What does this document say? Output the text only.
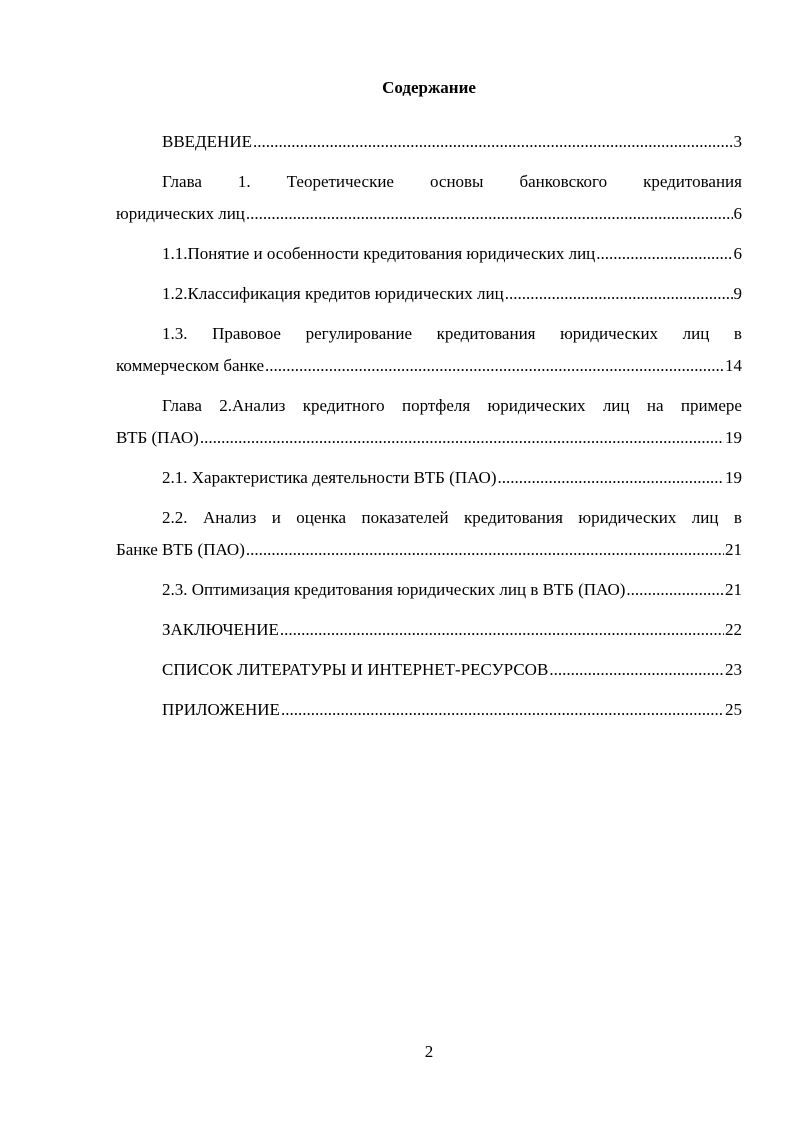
Содержание
ВВЕДЕНИЕ .....	3
Глава 1. Теоретические основы банковского кредитования
юридических лиц .....	6
1.1. Понятие и особенности кредитования юридических лиц .....	6
1.2. Классификация кредитов юридических лиц .....	9
1.3. Правовое регулирование кредитования юридических лиц в
коммерческом банке .....	14
Глава 2.Анализ кредитного портфеля юридических лиц на примере
ВТБ (ПАО) .....	19
2.1. Характеристика деятельности ВТБ (ПАО) .....	19
2.2. Анализ и оценка показателей кредитования юридических лиц в
Банке ВТБ (ПАО) .....	21
2.3. Оптимизация кредитования юридических лиц в ВТБ (ПАО) .....	21
ЗАКЛЮЧЕНИЕ .....	22
СПИСОК ЛИТЕРАТУРЫ И ИНТЕРНЕТ-РЕСУРСОВ .....	23
ПРИЛОЖЕНИЕ .....	25
2
